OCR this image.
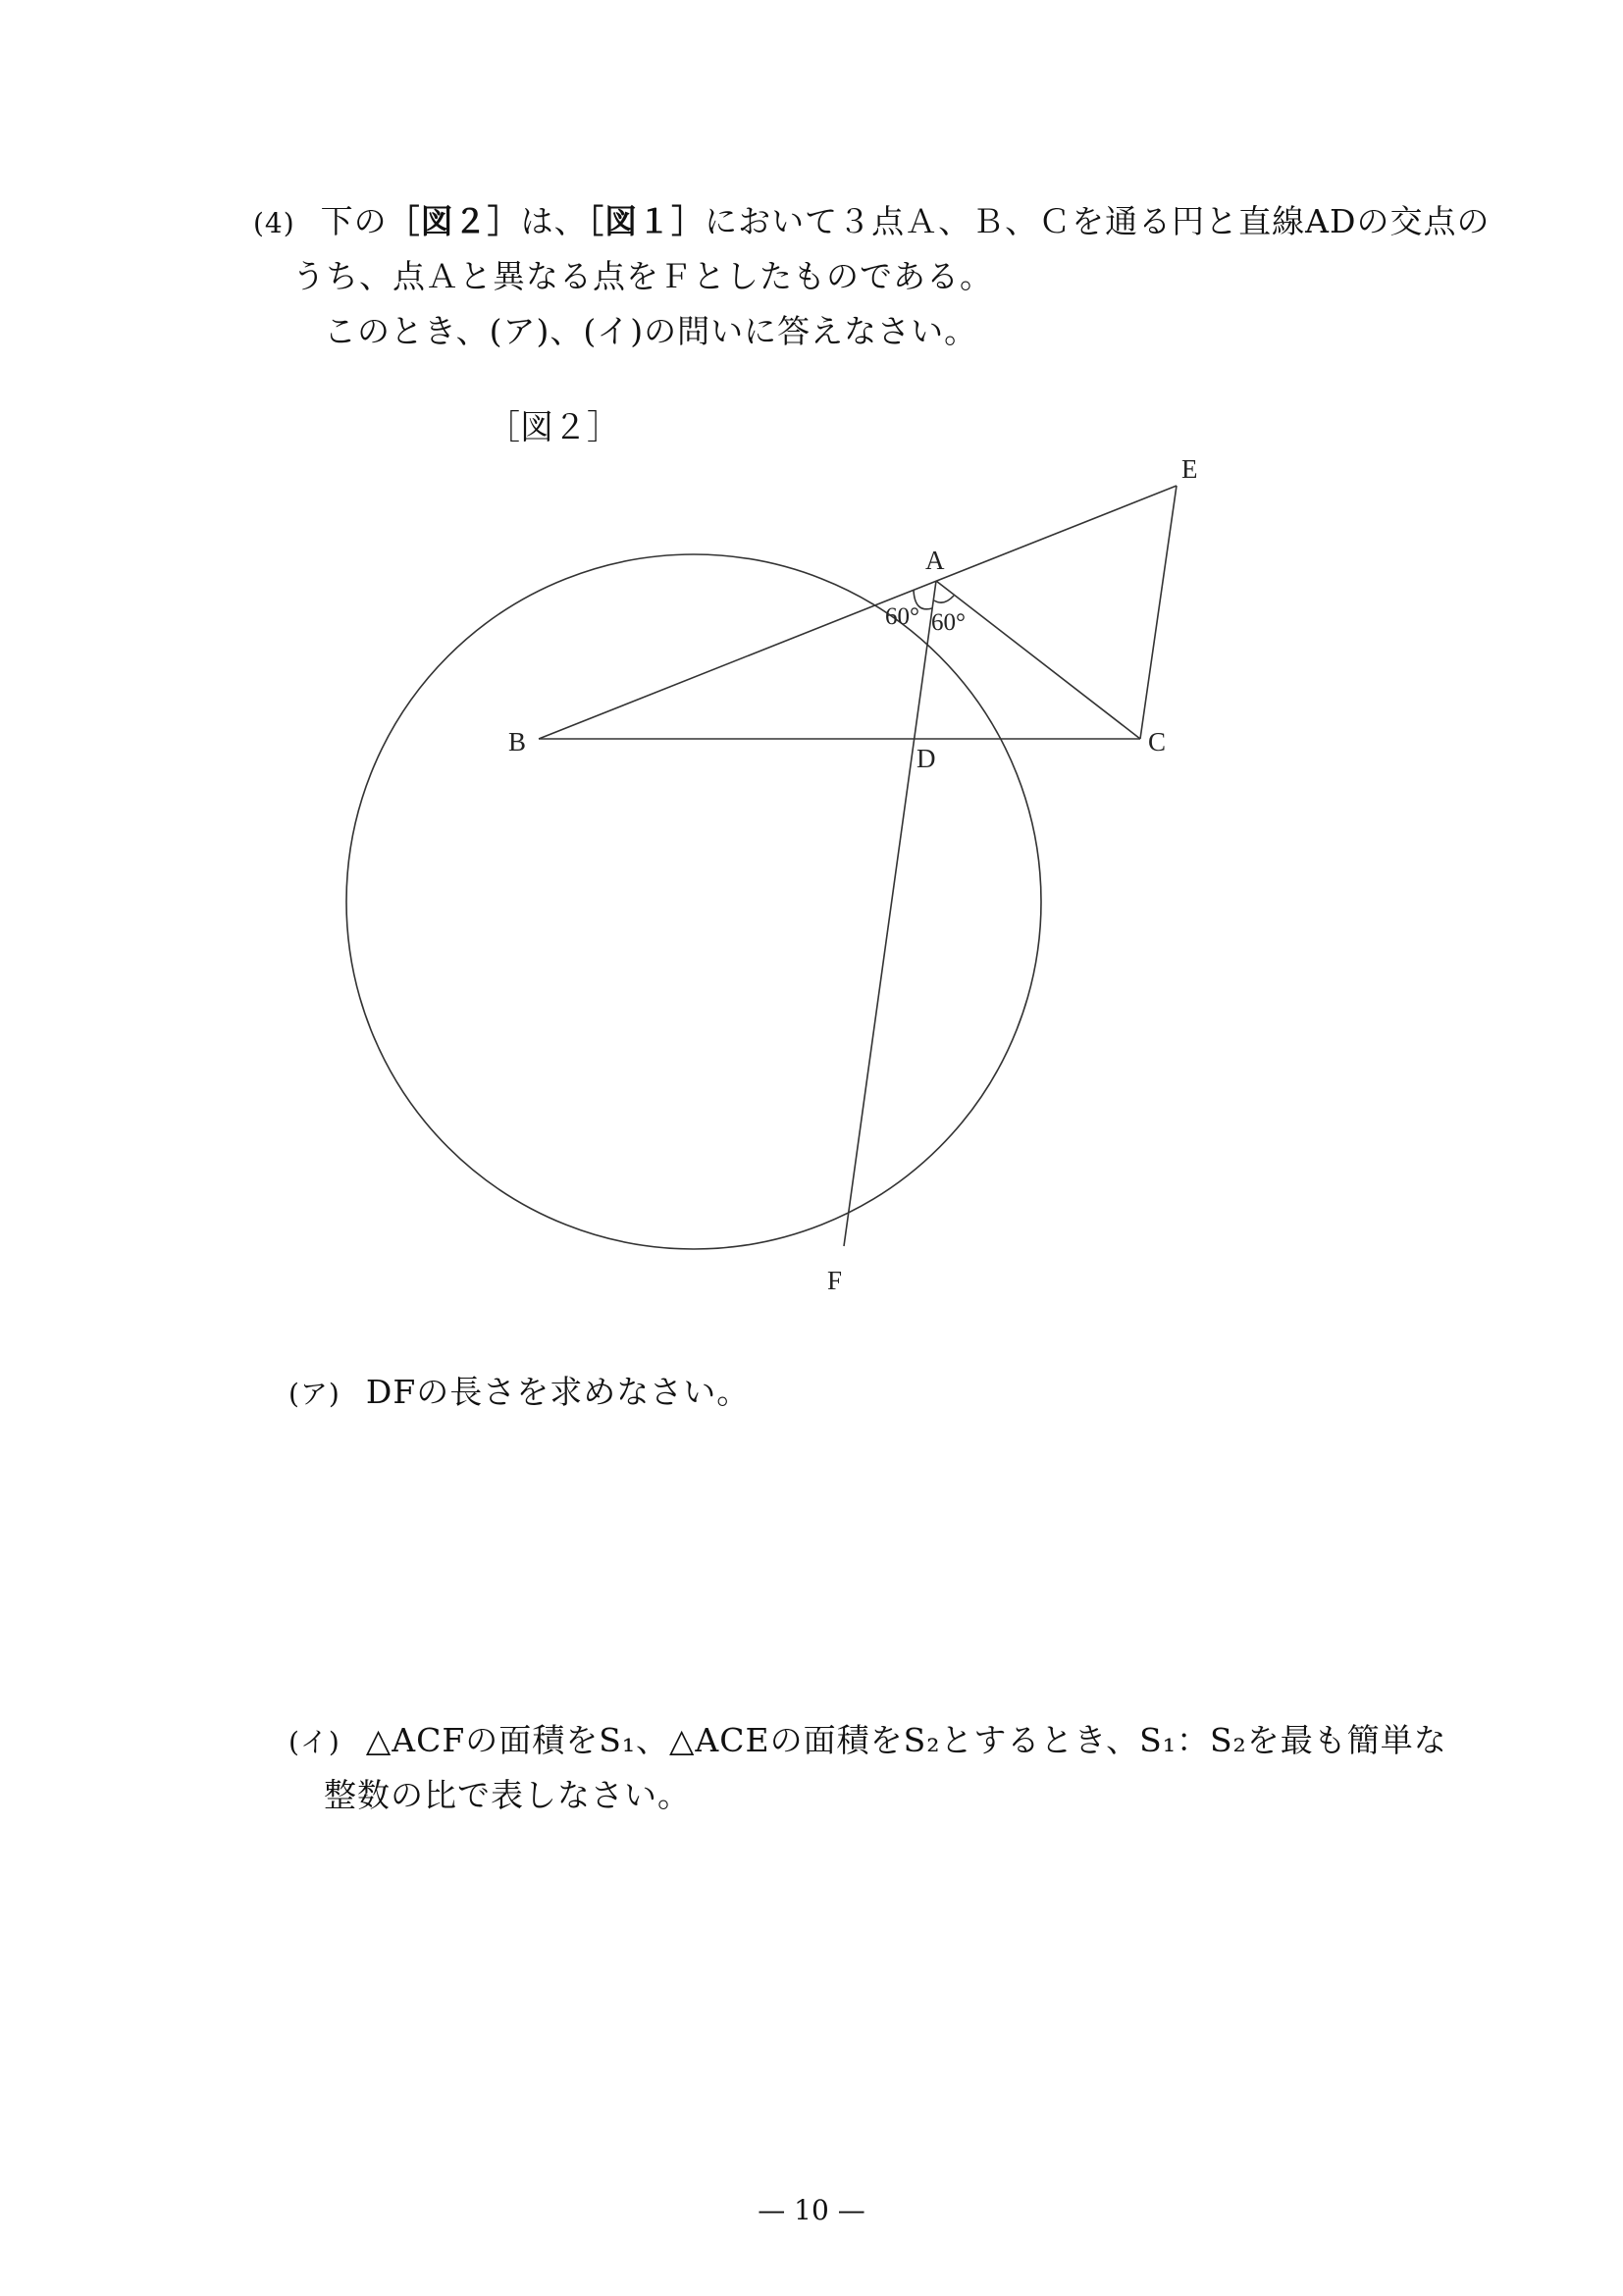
(4) 下の［図２］は、［図１］において３点Ａ、Ｂ、Ｃを通る円と直線ADの交点の
うち、点Ａと異なる点をＦとしたものである。
このとき、(ア)、(イ)の問いに答えなさい。
［図２］
A
B	C
D
E
F
60° 60°
(ア) DFの長さを求めなさい。
(イ) △ACFの面積をS₁、△ACEの面積をS₂とするとき、S₁：S₂を最も簡単な
整数の比で表しなさい。
— 10 —
